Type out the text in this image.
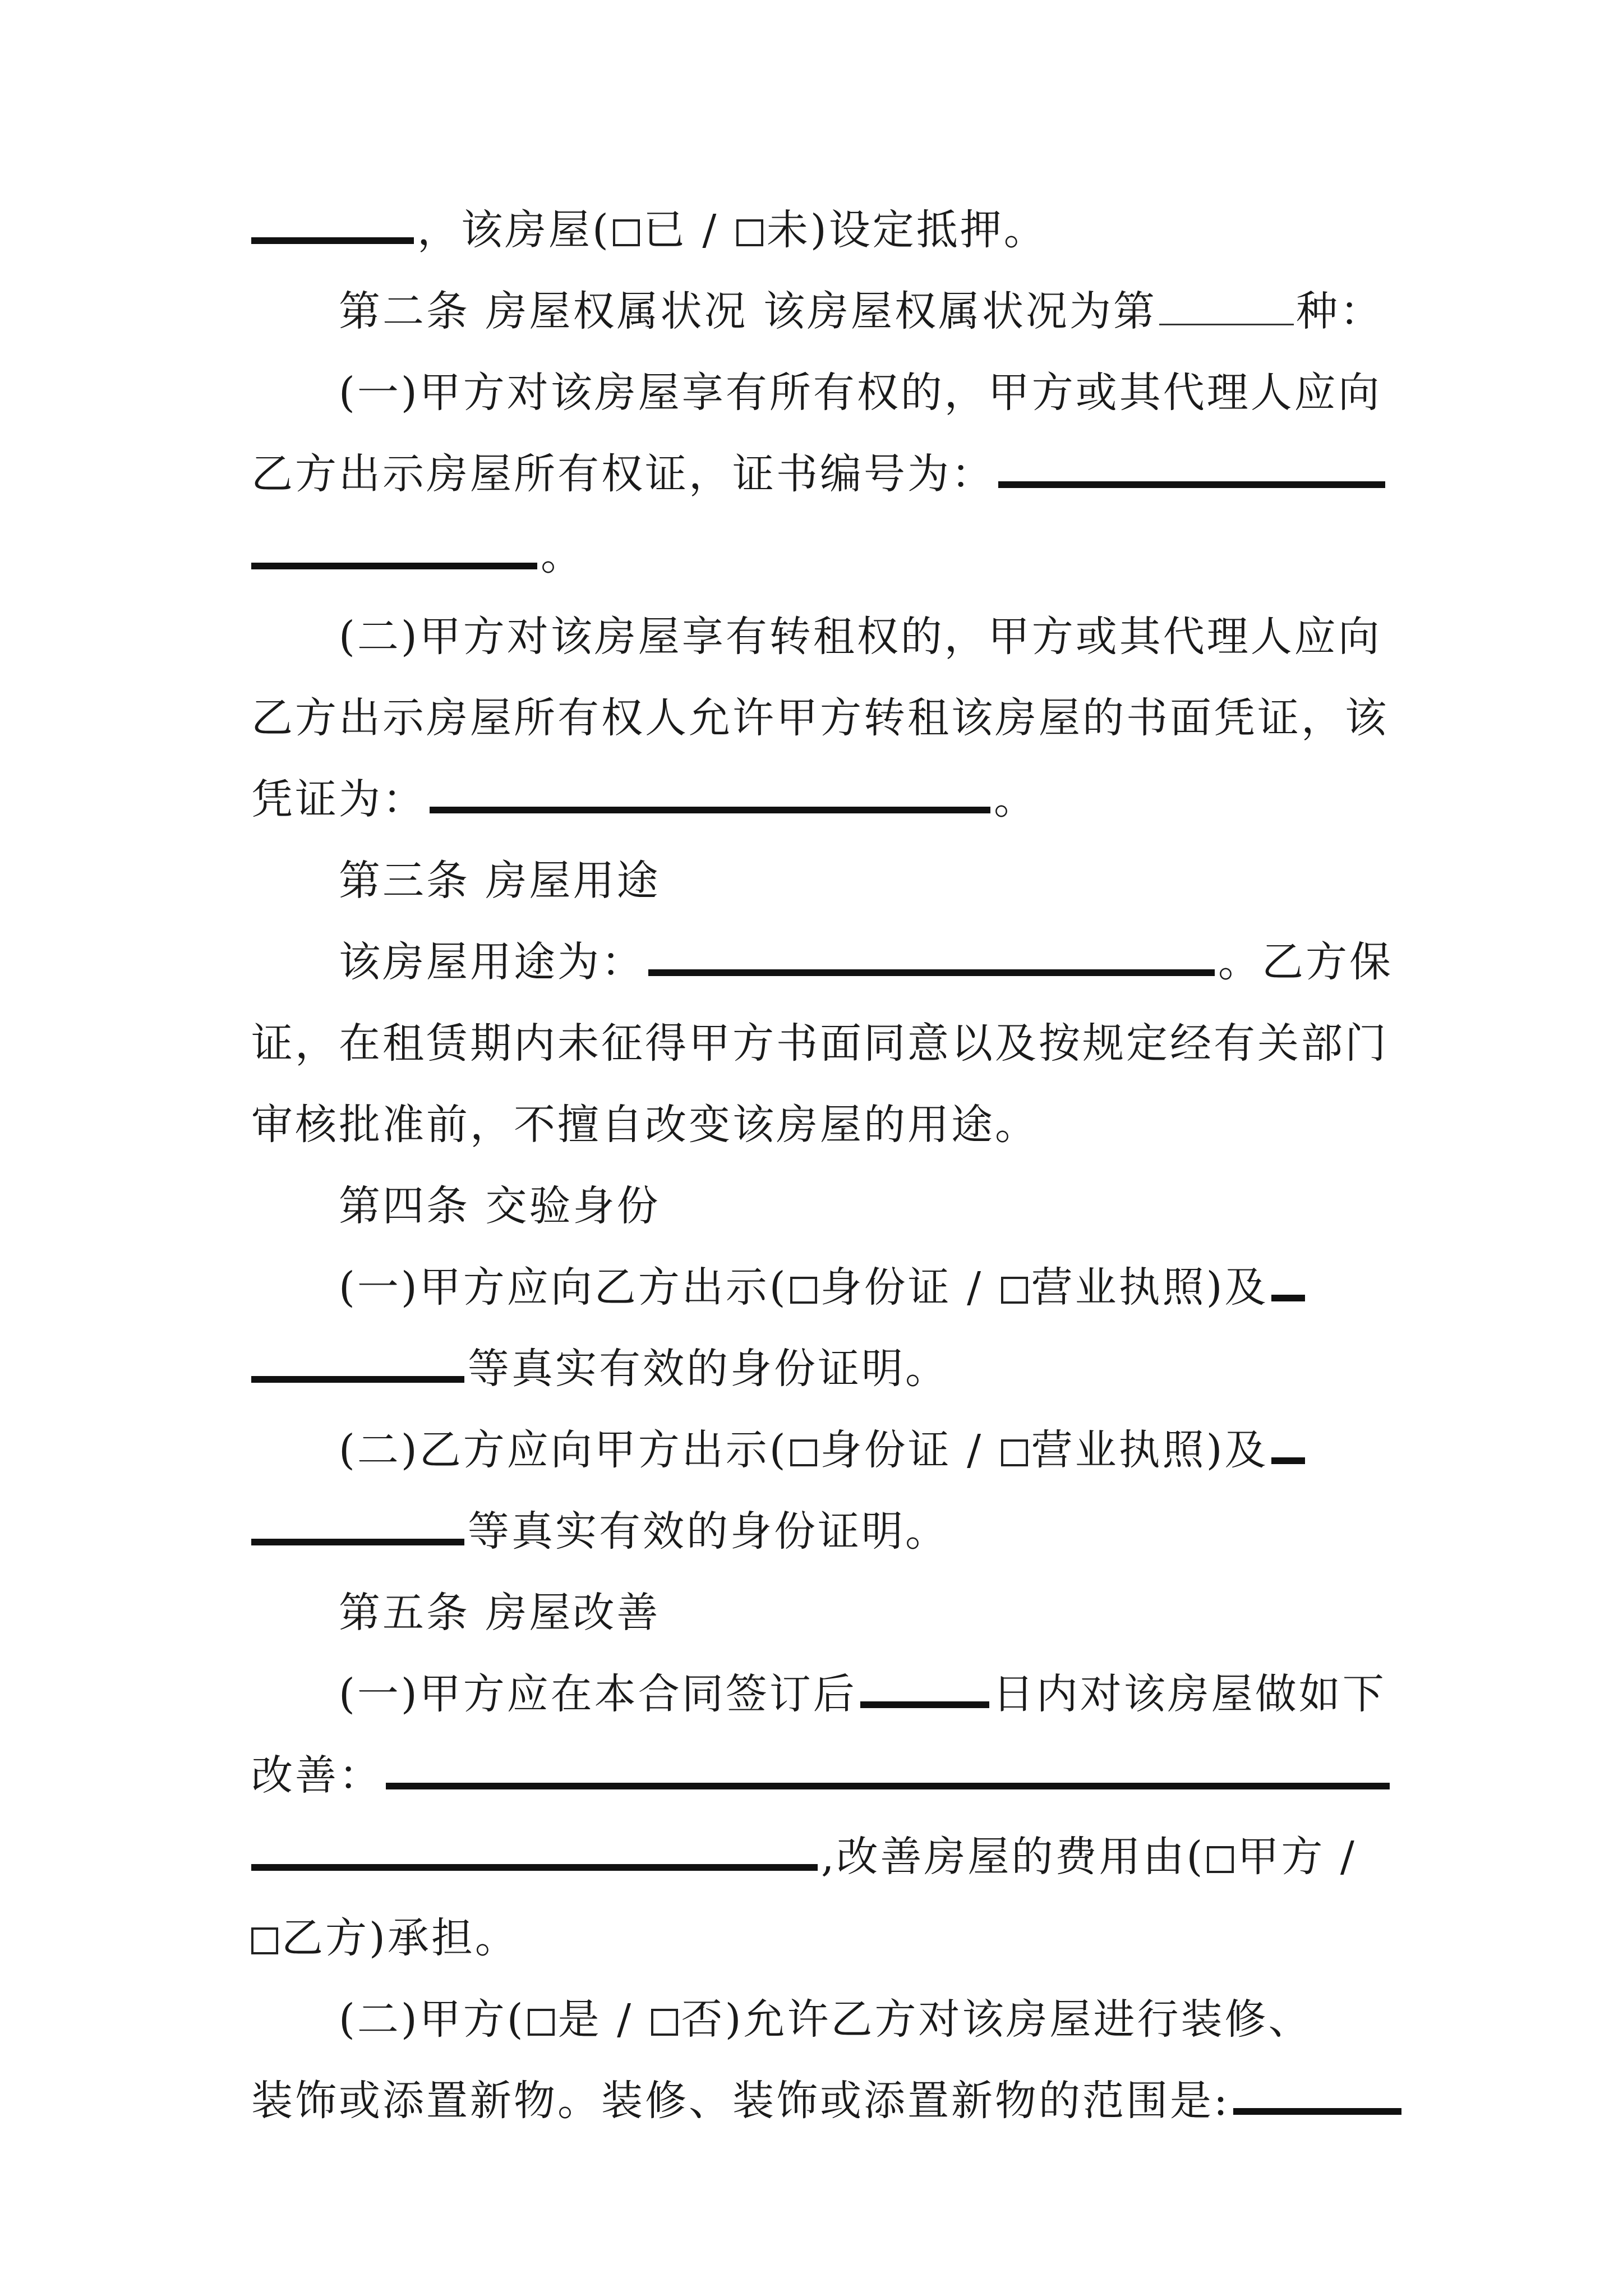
，该房屋( 已 / 未)设定抵押。
第二条 房屋权属状况 该房屋权属状况为第	种：
(一)甲方对该房屋享有所有权的，甲方或其代理人应向
乙方出示房屋所有权证，证书编号为：
。
(二)甲方对该房屋享有转租权的，甲方或其代理人应向
乙方出示房屋所有权人允许甲方转租该房屋的书面凭证，该
凭证为：	。
第三条 房屋用途
该房屋用途为：	。乙方保
证，在租赁期内未征得甲方书面同意以及按规定经有关部门
审核批准前，不擅自改变该房屋的用途。
第四条 交验身份
(一)甲方应向乙方出示( 身份证 / 营业执照)及
等真实有效的身份证明。
(二)乙方应向甲方出示( 身份证 / 营业执照)及
等真实有效的身份证明。
第五条 房屋改善
(一)甲方应在本合同签订后	日内对该房屋做如下
改善：
,改善房屋的费用由( 甲方 /
乙方)承担。
(二)甲方( 是 / 否)允许乙方对该房屋进行装修、
装饰或添置新物。装修、装饰或添置新物的范围是:
